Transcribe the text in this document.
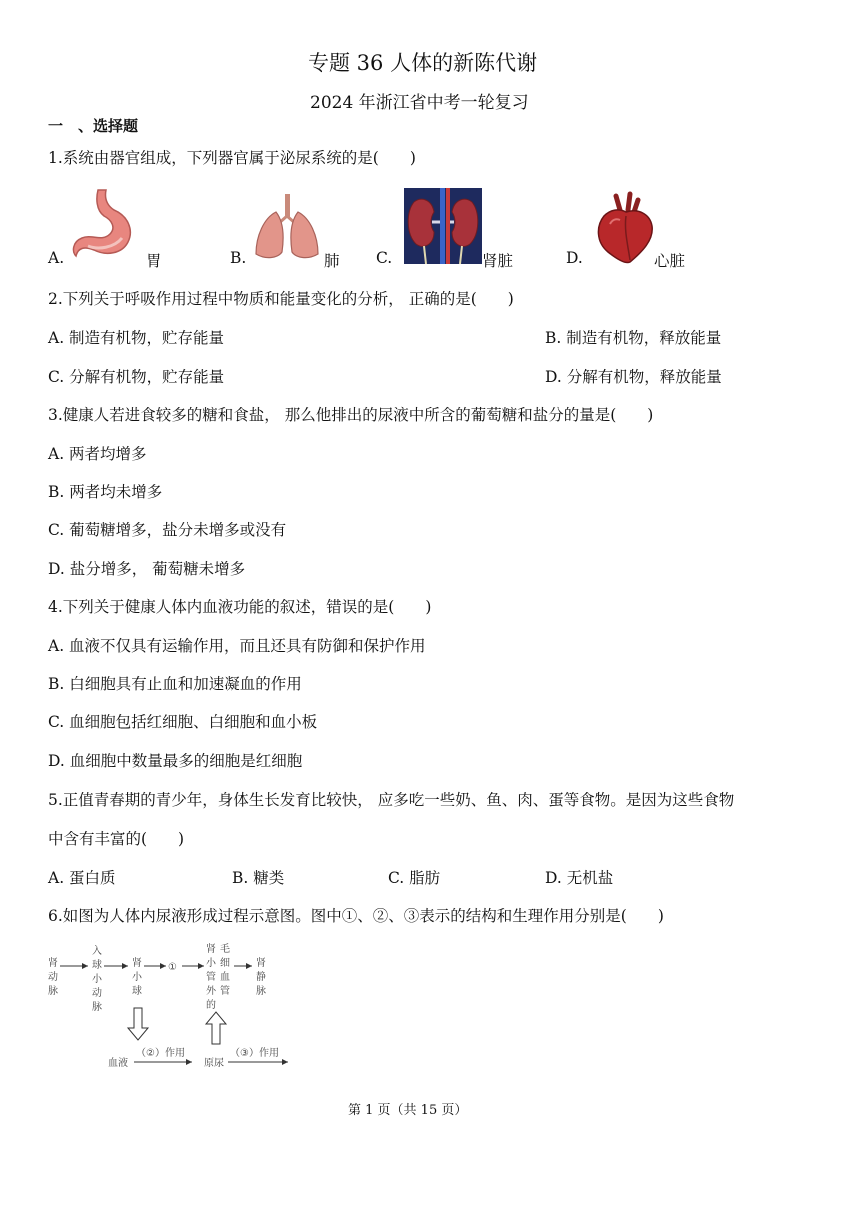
专题 36 人体的新陈代谢
2024 年浙江省中考一轮复习
一　、选择题
1.系统由器官组成，下列器官属于泌尿系统的是(　　)
A.	胃	B.	肺 C.	肾脏	D.	心脏
2.下列关于呼吸作用过程中物质和能量变化的分析， 正确的是(　　)
A. 制造有机物，贮存能量	B. 制造有机物，释放能量
C. 分解有机物，贮存能量	D. 分解有机物，释放能量
3.健康人若进食较多的糖和食盐， 那么他排出的尿液中所含的葡萄糖和盐分的量是(　　)
A. 两者均增多
B. 两者均未增多
C. 葡萄糖增多，盐分未增多或没有
D. 盐分增多， 葡萄糖未增多
4.下列关于健康人体内血液功能的叙述，错误的是(　　)
A. 血液不仅具有运输作用，而且还具有防御和保护作用
B. 白细胞具有止血和加速凝血的作用
C. 血细胞包括红细胞、白细胞和血小板
D. 血细胞中数量最多的细胞是红细胞
5.正值青春期的青少年，身体生长发育比较快， 应多吃一些奶、鱼、肉、蛋等食物。是因为这些食物
中含有丰富的(　　)
A. 蛋白质	B. 糖类	C. 脂肪	D. 无机盐
6.如图为人体内尿液形成过程示意图。图中①、②、③表示的结构和生理作用分别是(　　)
肾
动
脉
入
球
小
动
脉
肾
小
球
①
肾
小
管
外
的
毛
细
血
管
肾
静
脉
血液
（②）作用
原尿
（③）作用
第 1 页（共 15 页）
